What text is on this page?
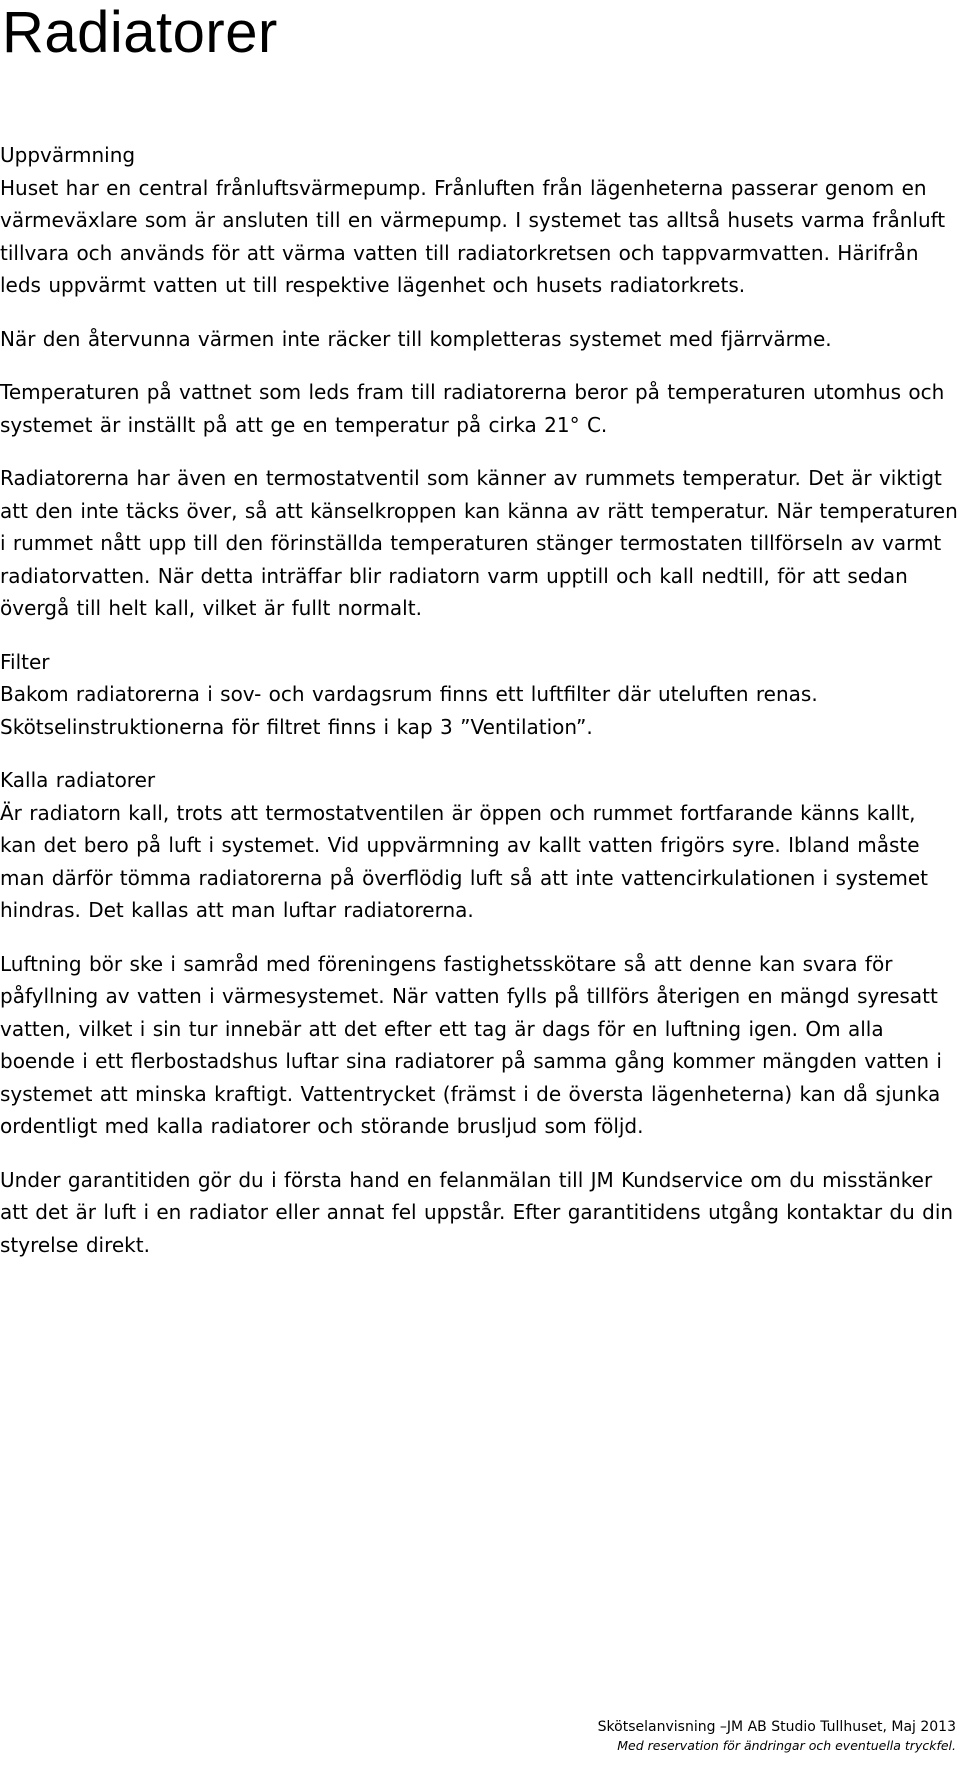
Radiatorer

Uppvärmning

Huset har en central frånluftsvärmepump. Frånluften från lägenheterna passerar genom en värmeväxlare som är ansluten till en värmepump. I systemet tas alltså husets varma frånluft tillvara och används för att värma vatten till radiatorkretsen och tappvarmvatten. Härifrån leds uppvärmt vatten ut till respektive lägenhet och husets radiatorkrets.

När den återvunna värmen inte räcker till kompletteras systemet med fjärrvärme.

Temperaturen på vattnet som leds fram till radiatorerna beror på temperaturen utomhus och systemet är inställt på att ge en temperatur på cirka 21° C.

Radiatorerna har även en termostatventil som känner av rummets temperatur. Det är viktigt att den inte täcks över, så att känselkroppen kan känna av rätt temperatur. När temperaturen i rummet nått upp till den förinställda temperaturen stänger termostaten tillförseln av varmt radiatorvatten. När detta inträffar blir radiatorn varm upptill och kall nedtill, för att sedan övergå till helt kall, vilket är fullt normalt.

Filter

Bakom radiatorerna i sov- och vardagsrum finns ett luftfilter där uteluften renas. Skötselinstruktionerna för filtret finns i kap 3 ”Ventilation”.

Kalla radiatorer

Är radiatorn kall, trots att termostatventilen är öppen och rummet fortfarande känns kallt, kan det bero på luft i systemet. Vid uppvärmning av kallt vatten frigörs syre. Ibland måste man därför tömma radiatorerna på överflödig luft så att inte vattencirkulationen i systemet hindras. Det kallas att man luftar radiatorerna.

Luftning bör ske i samråd med föreningens fastighetsskötare så att denne kan svara för påfyllning av vatten i värmesystemet. När vatten fylls på tillförs återigen en mängd syresatt vatten, vilket i sin tur innebär att det efter ett tag är dags för en luftning igen. Om alla boende i ett flerbostadshus luftar sina radiatorer på samma gång kommer mängden vatten i systemet att minska kraftigt. Vattentrycket (främst i de översta lägenheterna) kan då sjunka ordentligt med kalla radiatorer och störande brusljud som följd.

Under garantitiden gör du i första hand en felanmälan till JM Kundservice om du misstänker att det är luft i en radiator eller annat fel uppstår. Efter garantitidens utgång kontaktar du din styrelse direkt.

Skötselanvisning –JM AB Studio Tullhuset, Maj 2013
Med reservation för ändringar och eventuella tryckfel.
